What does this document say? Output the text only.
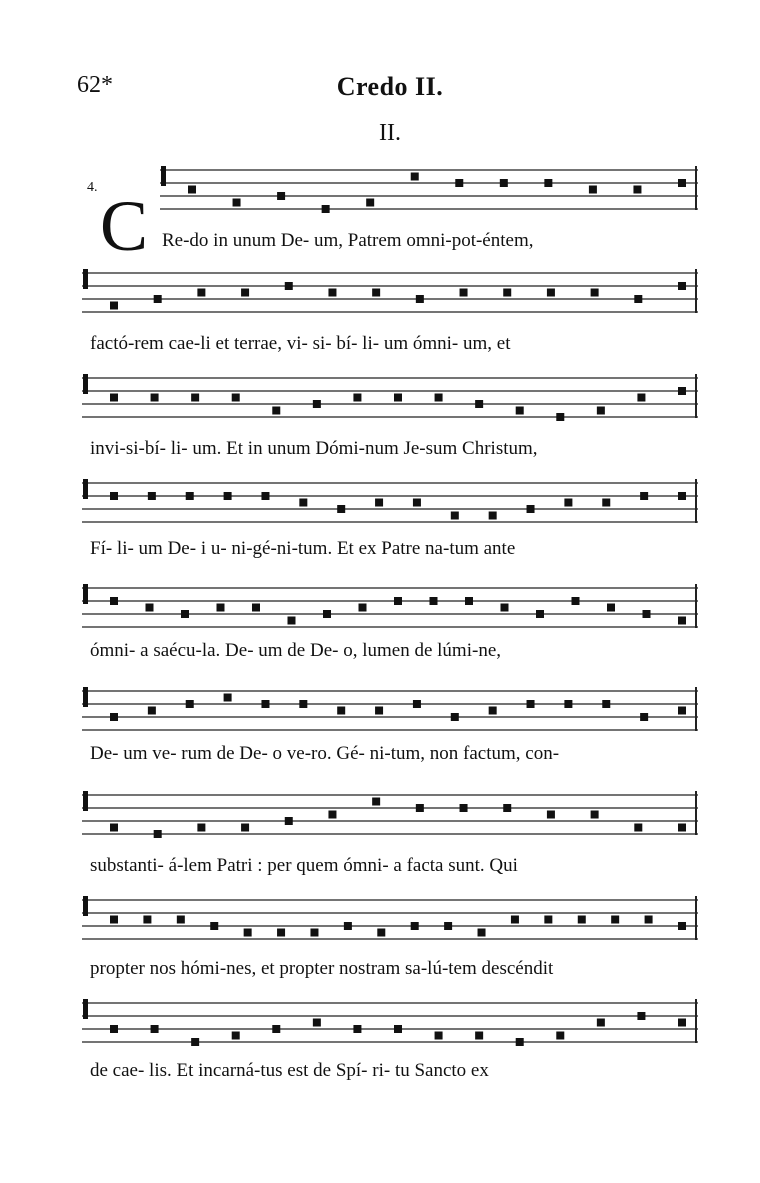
62*	Credo II.
II.
4. C Re-do in unum De- um, Patrem omni-pot-éntem,
factó-rem cae-li et terrae, vi- si- bí- li- um ómni- um, et
invi-si-bí- li- um. Et in unum Dómi-num Je-sum Christum,
Fí- li- um De- i u- ni-gé-ni-tum. Et ex Patre na-tum ante
ómni- a saécu-la. De- um de De- o, lumen de lúmi-ne,
De- um ve- rum de De- o ve-ro. Gé- ni-tum, non factum, con-
substanti- á-lem Patri : per quem ómni- a facta sunt. Qui
propter nos hómi-nes, et propter nostram sa-lú-tem descéndit
de cae- lis. Et incarná-tus est de Spí- ri- tu Sancto ex
